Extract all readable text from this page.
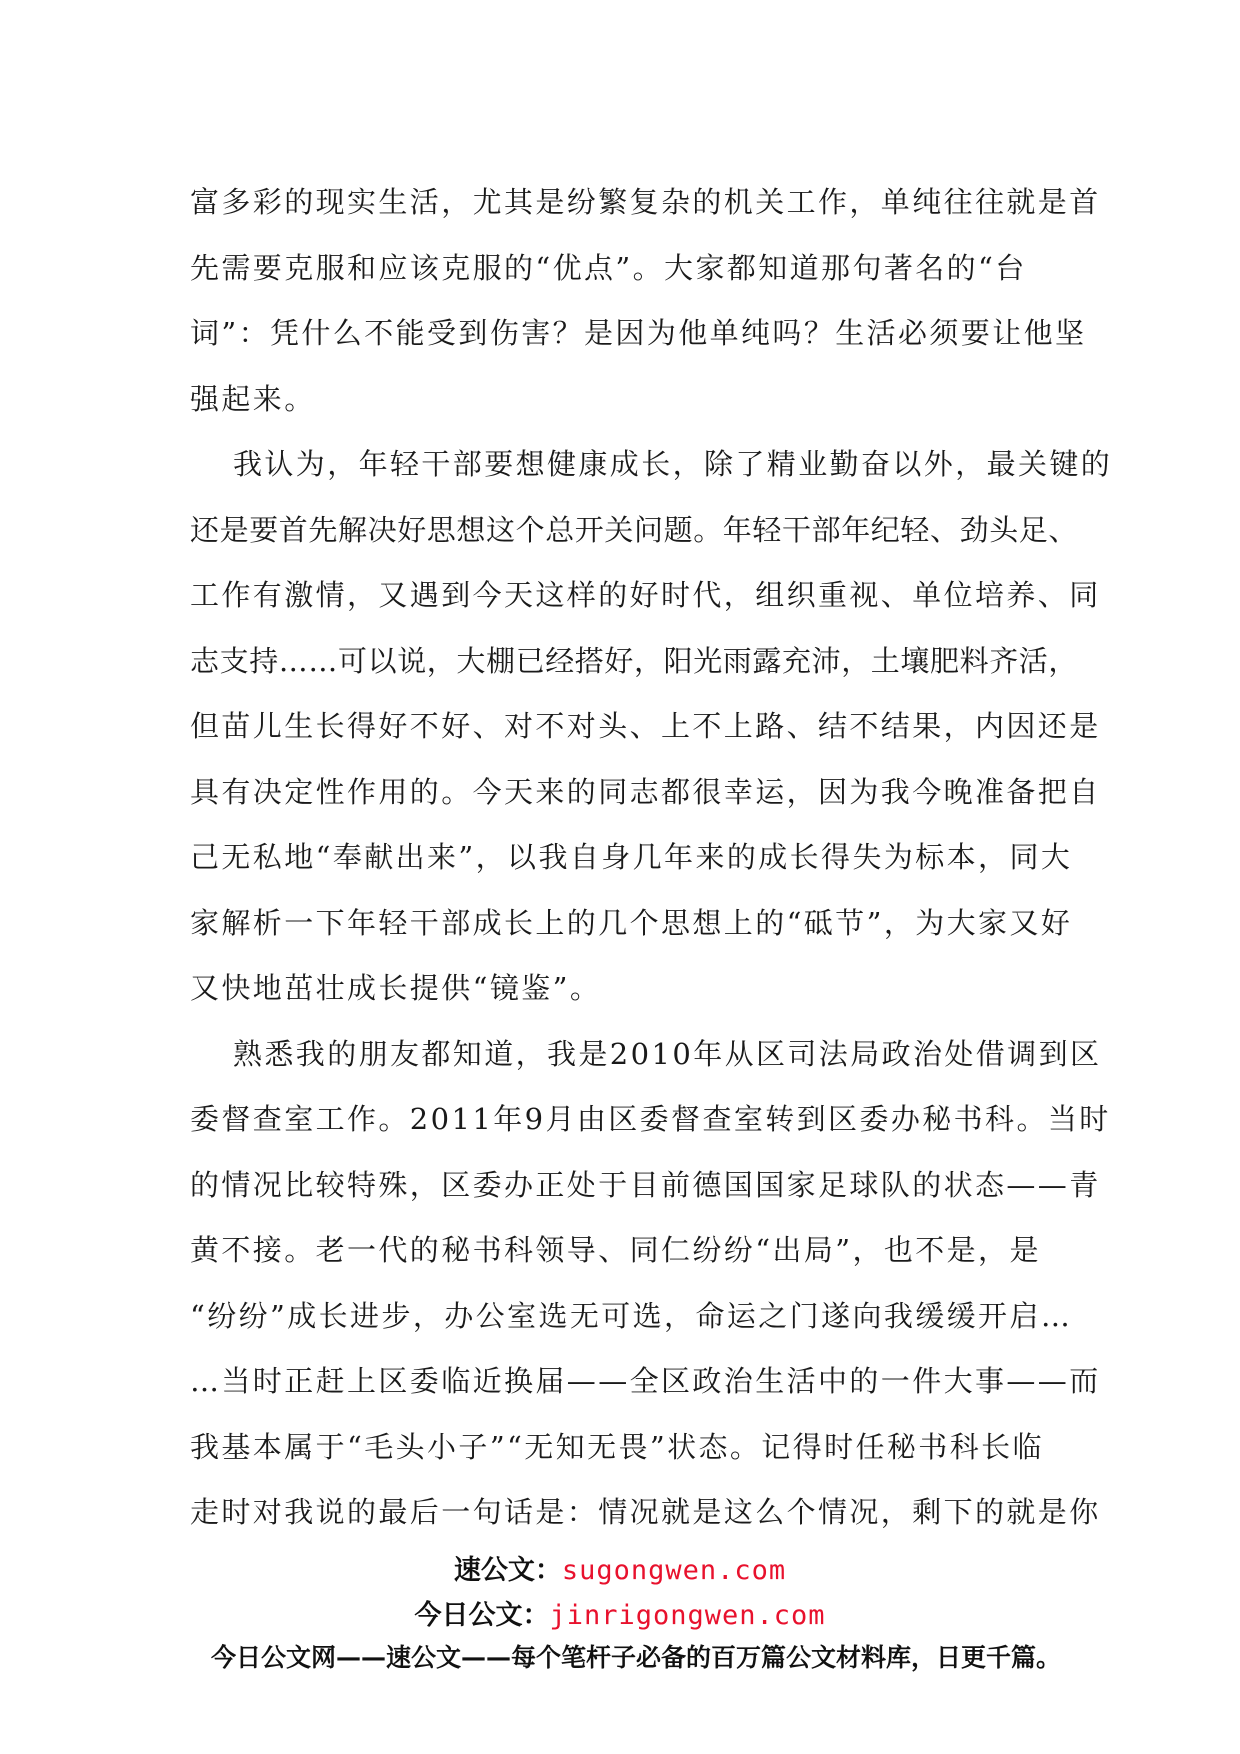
富多彩的现实生活，尤其是纷繁复杂的机关工作，单纯往往就是首
先需要克服和应该克服的“优点”。大家都知道那句著名的“台
词”：凭什么不能受到伤害？是因为他单纯吗？生活必须要让他坚
强起来。
我认为，年轻干部要想健康成长，除了精业勤奋以外，最关键的
还是要首先解决好思想这个总开关问题。年轻干部年纪轻、劲头足、
工作有激情，又遇到今天这样的好时代，组织重视、单位培养、同
志支持……可以说，大棚已经搭好，阳光雨露充沛，土壤肥料齐活，
但苗儿生长得好不好、对不对头、上不上路、结不结果，内因还是
具有决定性作用的。今天来的同志都很幸运，因为我今晚准备把自
己无私地“奉献出来”，以我自身几年来的成长得失为标本，同大
家解析一下年轻干部成长上的几个思想上的“砥节”，为大家又好
又快地茁壮成长提供“镜鉴”。
熟悉我的朋友都知道，我是2010年从区司法局政治处借调到区
委督查室工作。2011年9月由区委督查室转到区委办秘书科。当时
的情况比较特殊，区委办正处于目前德国国家足球队的状态——青
黄不接。老一代的秘书科领导、同仁纷纷“出局”，也不是，是
“纷纷”成长进步，办公室选无可选，命运之门遂向我缓缓开启…
…当时正赶上区委临近换届——全区政治生活中的一件大事——而
我基本属于“毛头小子”“无知无畏”状态。记得时任秘书科长临
走时对我说的最后一句话是：情况就是这么个情况，剩下的就是你
速公文：sugongwen.com
今日公文：jinrigongwen.com
今日公文网——速公文——每个笔杆子必备的百万篇公文材料库，日更千篇。
